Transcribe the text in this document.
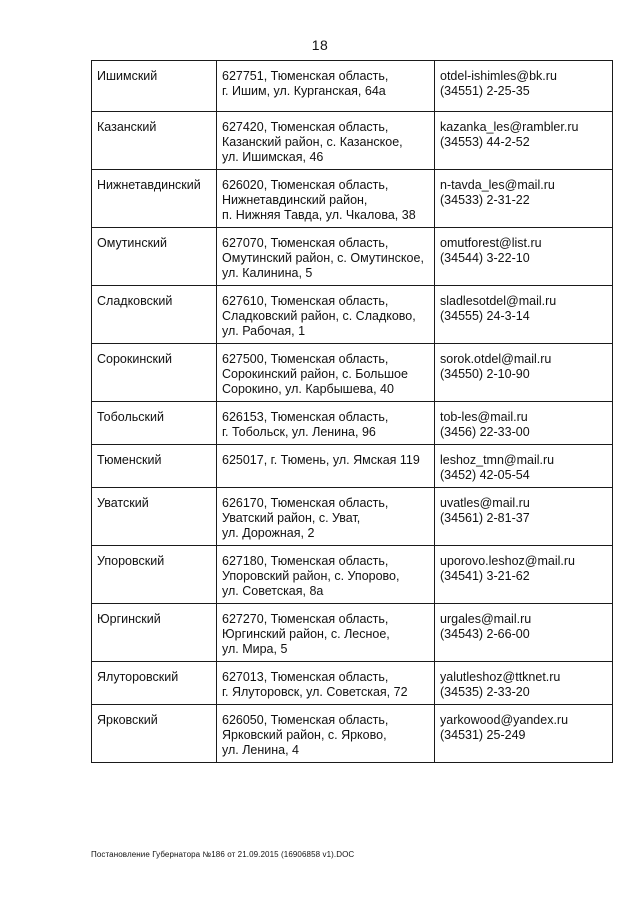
18
Ишимский	627751, Тюменская область,
г. Ишим, ул. Курганская, 64а	otdel-ishimles@bk.ru
(34551) 2-25-35
Казанский	627420, Тюменская область,
Казанский район, с. Казанское,
ул. Ишимская, 46	kazanka_les@rambler.ru
(34553) 44-2-52
Нижнетавдинский	626020, Тюменская область,
Нижнетавдинский район,
п. Нижняя Тавда, ул. Чкалова, 38	n-tavda_les@mail.ru
(34533) 2-31-22
Омутинский	627070, Тюменская область,
Омутинский район, с. Омутинское,
ул. Калинина, 5	omutforest@list.ru
(34544) 3-22-10
Сладковский	627610, Тюменская область,
Сладковский район, с. Сладково,
ул. Рабочая, 1	sladlesotdel@mail.ru
(34555) 24-3-14
Сорокинский	627500, Тюменская область,
Сорокинский район, с. Большое
Сорокино, ул. Карбышева, 40	sorok.otdel@mail.ru
(34550) 2-10-90
Тобольский	626153, Тюменская область,
г. Тобольск, ул. Ленина, 96	tob-les@mail.ru
(3456) 22-33-00
Тюменский	625017, г. Тюмень, ул. Ямская 119	leshoz_tmn@mail.ru
(3452) 42-05-54
Уватский	626170, Тюменская область,
Уватский район, с. Уват,
ул. Дорожная, 2	uvatles@mail.ru
(34561) 2-81-37
Упоровский	627180, Тюменская область,
Упоровский район, с. Упорово,
ул. Советская, 8а	uporovo.leshoz@mail.ru
(34541) 3-21-62
Юргинский	627270, Тюменская область,
Юргинский район, с. Лесное,
ул. Мира, 5	urgales@mail.ru
(34543) 2-66-00
Ялуторовский	627013, Тюменская область,
г. Ялуторовск, ул. Советская, 72	yalutleshoz@ttknet.ru
(34535) 2-33-20
Ярковский	626050, Тюменская область,
Ярковский район, с. Ярково,
ул. Ленина, 4	yarkowood@yandex.ru
(34531) 25-249
Постановление Губернатора №186 от 21.09.2015 (16906858 v1).DOC
